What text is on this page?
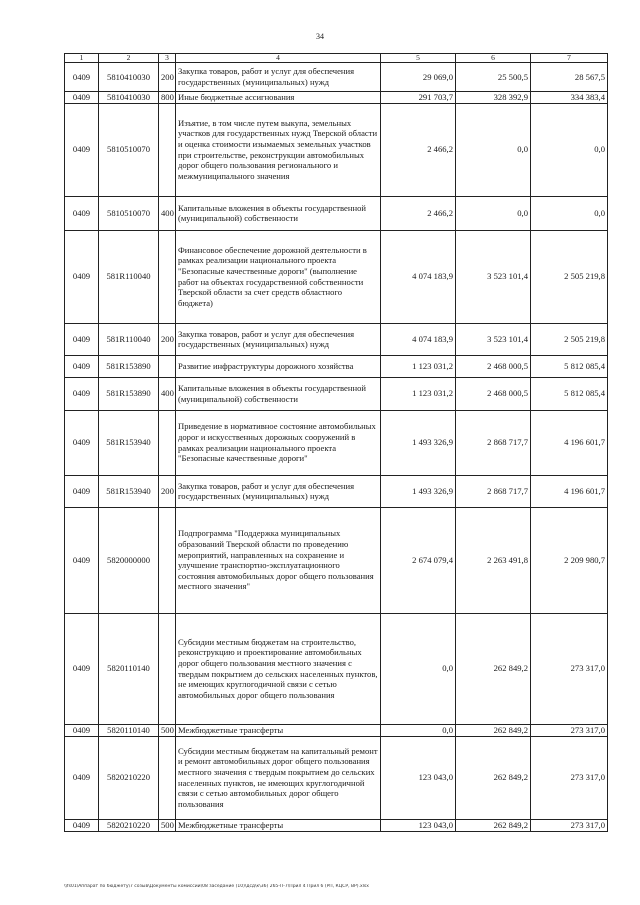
34
1	2	3	4	5	6	7
0409	5810410030	200	Закупка товаров, работ и услуг для обеспечения государственных (муниципальных) нужд	29 069,0	25 500,5	28 567,5
0409	5810410030	800	Иные бюджетные ассигнования	291 703,7	328 392,9	334 383,4
0409	5810510070		Изъятие, в том числе путем выкупа, земельных участков для государственных нужд Тверской области и оценка стоимости изымаемых земельных участков при строительстве, реконструкции автомобильных дорог общего пользования регионального и межмуниципального значения	2 466,2	0,0	0,0
0409	5810510070	400	Капитальные вложения в объекты государственной (муниципальной) собственности	2 466,2	0,0	0,0
0409	581R110040		Финансовое обеспечение дорожной деятельности в рамках реализации национального проекта "Безопасные качественные дороги" (выполнение работ на объектах государственной собственности Тверской области за счет средств областного бюджета)	4 074 183,9	3 523 101,4	2 505 219,8
0409	581R110040	200	Закупка товаров, работ и услуг для обеспечения государственных (муниципальных) нужд	4 074 183,9	3 523 101,4	2 505 219,8
0409	581R153890		Развитие инфраструктуры дорожного хозяйства	1 123 031,2	2 468 000,5	5 812 085,4
0409	581R153890	400	Капитальные вложения в объекты государственной (муниципальной) собственности	1 123 031,2	2 468 000,5	5 812 085,4
0409	581R153940		Приведение в нормативное состояние автомобильных дорог и искусственных дорожных сооружений в рамках реализации национального проекта "Безопасные качественные дороги"	1 493 326,9	2 868 717,7	4 196 601,7
0409	581R153940	200	Закупка товаров, работ и услуг для обеспечения государственных (муниципальных) нужд	1 493 326,9	2 868 717,7	4 196 601,7
0409	5820000000		Подпрограмма "Поддержка муниципальных образований Тверской области по проведению мероприятий, направленных на сохранение и улучшение транспортно-эксплуатационного состояния автомобильных дорог общего пользования местного значения"	2 674 079,4	2 263 491,8	2 209 980,7
0409	5820110140		Субсидии местным бюджетам на строительство, реконструкцию и проектирование автомобильных дорог общего пользования местного значения с твердым покрытием до сельских населенных пунктов, не имеющих круглогодичной связи с сетью автомобильных дорог общего пользования	0,0	262 849,2	273 317,0
0409	5820110140	500	Межбюджетные трансферты	0,0	262 849,2	273 317,0
0409	5820210220		Субсидии местным бюджетам на капитальный ремонт и ремонт автомобильных дорог общего пользования местного значения с твердым покрытием до сельских населенных пунктов, не имеющих круглогодичной связи с сетью автомобильных дорог общего пользования	123 043,0	262 849,2	273 317,0
0409	5820210220	500	Межбюджетные трансферты	123 043,0	262 849,2	273 317,0
\\fs01\Аппарат по бюджету\7 созыв\Документы комиссии\08 заседание (10)\дсд\к\36) 265-П-7\Прил 4 Прил 6 (РП, КЦСР, ВР).xlsx
